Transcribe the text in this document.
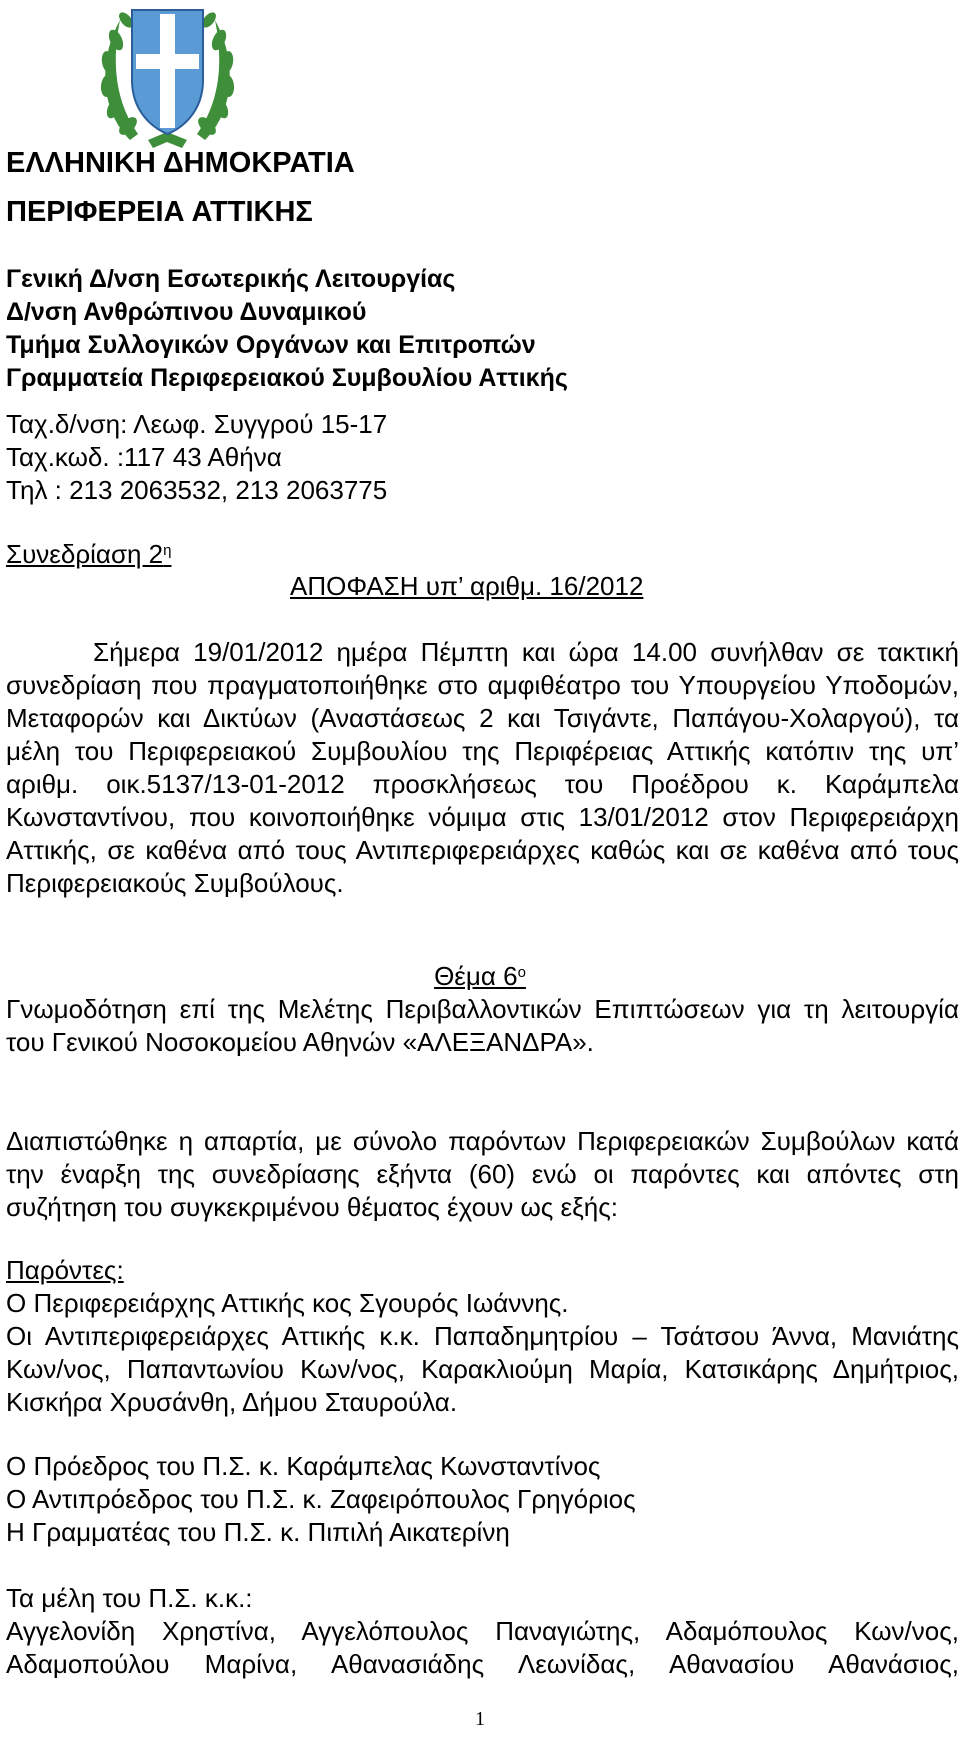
ΕΛΛΗΝΙΚΗ ΔΗΜΟΚΡΑΤΙΑ
ΠΕΡΙΦΕΡΕΙΑ ΑΤΤΙΚΗΣ
Γενική Δ/νση Εσωτερικής Λειτουργίας
Δ/νση Ανθρώπινου Δυναμικού
Τμήμα Συλλογικών Οργάνων και Επιτροπών
Γραμματεία Περιφερειακού Συμβουλίου Αττικής
Ταχ.δ/νση: Λεωφ. Συγγρού 15-17
Ταχ.κωδ. :117 43 Αθήνα
Τηλ : 213 2063532, 213 2063775
Συνεδρίαση $2^\eta$
ΑΠΟΦΑΣΗ υπ’ αριθμ. 16/2012
Σήμερα 19/01/2012 ημέρα Πέμπτη και ώρα 14.00 συνήλθαν σε τακτική συνεδρίαση που πραγματοποιήθηκε στο αμφιθέατρο του Υπουργείου Υποδομών, Μεταφορών και Δικτύων (Αναστάσεως 2 και Τσιγάντε, Παπάγου-Χολαργού), τα μέλη του Περιφερειακού Συμβουλίου της Περιφέρειας Αττικής κατόπιν της υπ’ αριθμ. οικ.5137/13-01-2012 προσκλήσεως του Προέδρου κ. Καράμπελα Κωνσταντίνου, που κοινοποιήθηκε νόμιμα στις 13/01/2012 στον Περιφερειάρχη Αττικής, σε καθένα από τους Αντιπεριφερειάρχες καθώς και σε καθένα από τους Περιφερειακούς Συμβούλους.
Θέμα $6^o$
Γνωμοδότηση επί της Μελέτης Περιβαλλοντικών Επιπτώσεων για τη λειτουργία του Γενικού Νοσοκομείου Αθηνών «ΑΛΕΞΑΝΔΡΑ».
Διαπιστώθηκε η απαρτία, με σύνολο παρόντων Περιφερειακών Συμβούλων κατά την έναρξη της συνεδρίασης εξήντα (60) ενώ οι παρόντες και απόντες στη συζήτηση του συγκεκριμένου θέματος έχουν ως εξής:
Παρόντες:
Ο Περιφερειάρχης Αττικής κος Σγουρός Ιωάννης.
Οι Αντιπεριφερειάρχες Αττικής κ.κ. Παπαδημητρίου – Τσάτσου Άννα, Μανιάτης Κων/νος, Παπαντωνίου Κων/νος, Καρακλιούμη Μαρία, Κατσικάρης Δημήτριος, Κισκήρα Χρυσάνθη, Δήμου Σταυρούλα.
Ο Πρόεδρος του Π.Σ. κ. Καράμπελας Κωνσταντίνος
Ο Αντιπρόεδρος του Π.Σ. κ. Ζαφειρόπουλος Γρηγόριος
Η Γραμματέας του Π.Σ. κ. Πιπιλή Αικατερίνη
Τα μέλη του Π.Σ. κ.κ.:
Αγγελονίδη Χρηστίνα, Αγγελόπουλος Παναγιώτης, Αδαμόπουλος Κων/νος, Αδαμοπούλου Μαρίνα, Αθανασιάδης Λεωνίδας, Αθανασίου Αθανάσιος,
1
